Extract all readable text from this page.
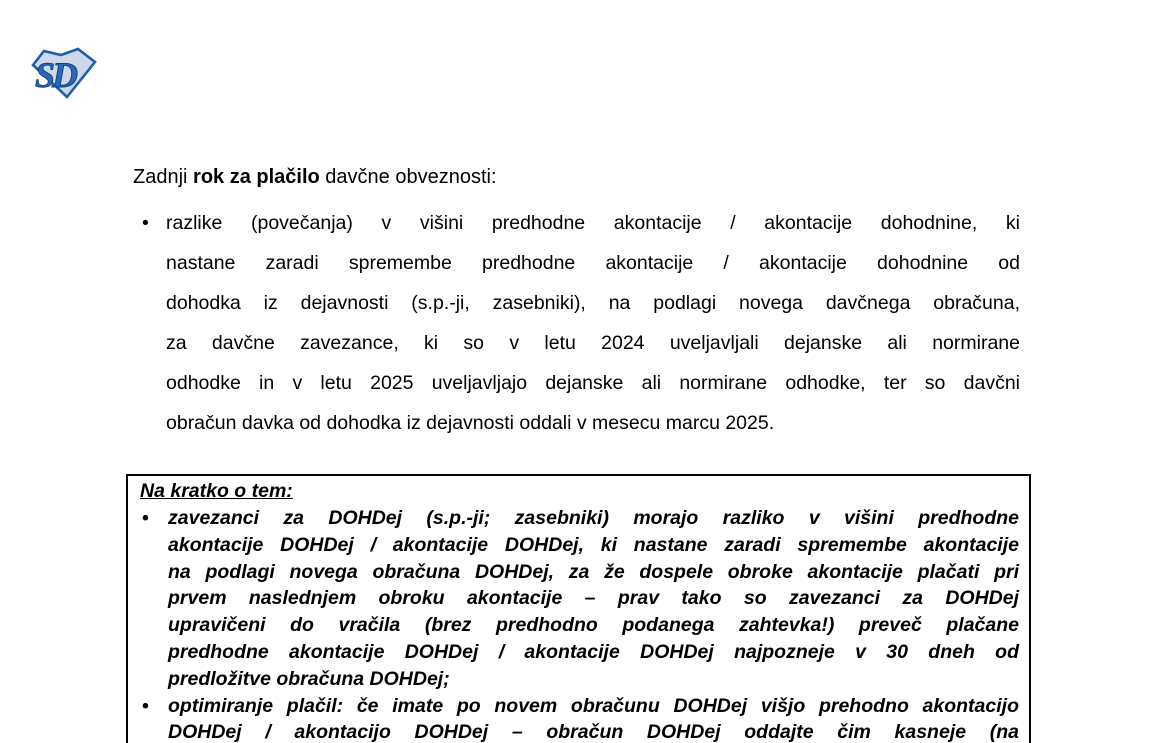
SD
Zadnji rok za plačilo davčne obveznosti:
• razlike (povečanja) v višini predhodne akontacije / akontacije dohodnine, ki
nastane zaradi spremembe predhodne akontacije / akontacije dohodnine od
dohodka iz dejavnosti (s.p.-ji, zasebniki), na podlagi novega davčnega obračuna,
za davčne zavezance, ki so v letu 2024 uveljavljali dejanske ali normirane
odhodke in v letu 2025 uveljavljajo dejanske ali normirane odhodke, ter so davčni
obračun davka od dohodka iz dejavnosti oddali v mesecu marcu 2025.
Na kratko o tem:
• zavezanci za DOHDej (s.p.-ji; zasebniki) morajo razliko v višini predhodne
akontacije DOHDej / akontacije DOHDej, ki nastane zaradi spremembe akontacije
na podlagi novega obračuna DOHDej, za že dospele obroke akontacije plačati pri
prvem naslednjem obroku akontacije – prav tako so zavezanci za DOHDej
upravičeni do vračila (brez predhodno podanega zahtevka!) preveč plačane
predhodne akontacije DOHDej / akontacije DOHDej najpozneje v 30 dneh od
predložitve obračuna DOHDej;
• optimiranje plačil: če imate po novem obračunu DOHDej višjo prehodno akontacijo
DOHDej / akontacijo DOHDej – obračun DOHDej oddajte čim kasneje (na
